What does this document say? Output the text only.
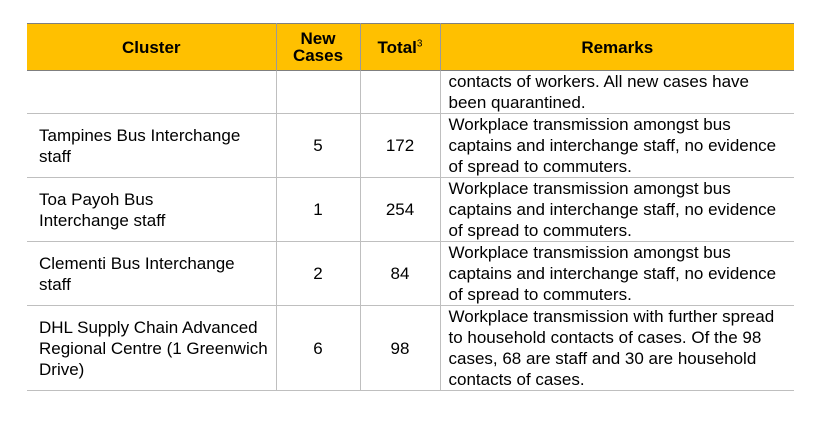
Cluster	New Cases	Total$^3$	Remarks
			contacts of workers. All new cases have been quarantined.
Tampines Bus Interchange staff	5	172	Workplace transmission amongst bus captains and interchange staff, no evidence of spread to commuters.
Toa Payoh Bus Interchange staff	1	254	Workplace transmission amongst bus captains and interchange staff, no evidence of spread to commuters.
Clementi Bus Interchange staff	2	84	Workplace transmission amongst bus captains and interchange staff, no evidence of spread to commuters.
DHL Supply Chain Advanced Regional Centre (1 Greenwich Drive)	6	98	Workplace transmission with further spread to household contacts of cases. Of the 98 cases, 68 are staff and 30 are household contacts of cases.
